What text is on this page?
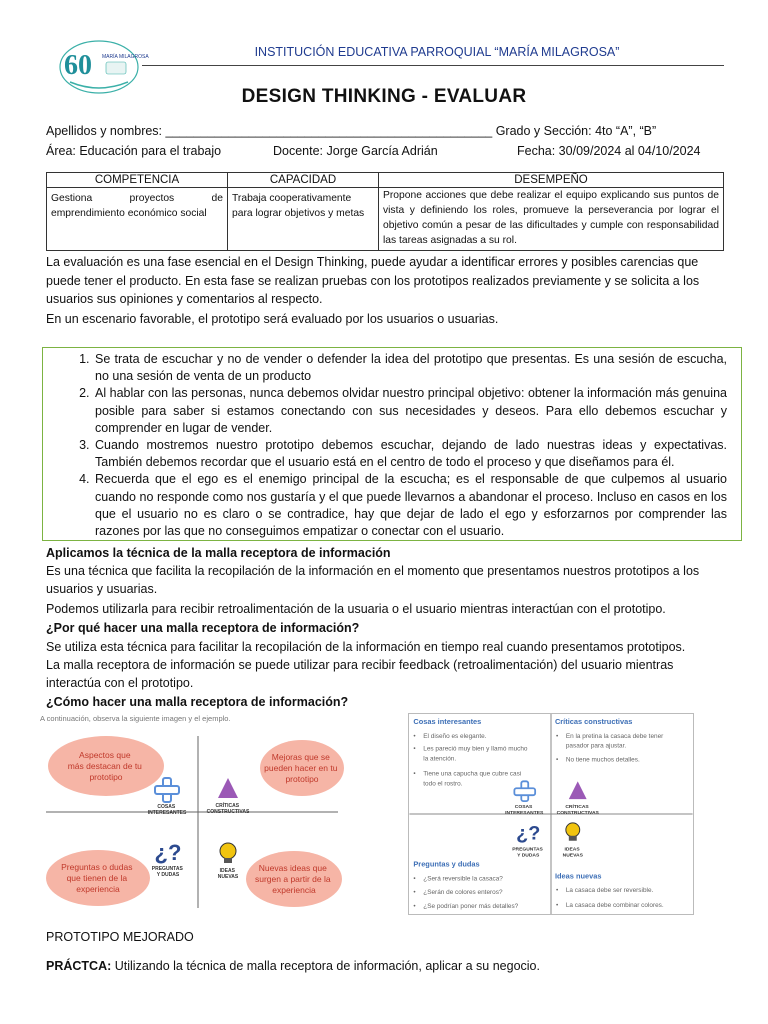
60 MARÍA MILAGROSA	INSTITUCIÓN EDUCATIVA PARROQUIAL “MARÍA MILAGROSA”
DESIGN THINKING - EVALUAR
Apellidos y nombres: _______________________________________________ Grado y Sección: 4to “A”, “B”
Área: Educación para el trabajo	Docente: Jorge García Adrián	Fecha: 30/09/2024 al 04/10/2024
COMPETENCIA	CAPACIDAD	DESEMPEÑO
Gestiona proyectos de emprendimiento económico social	Trabaja cooperativamente para lograr objetivos y metas	Propone acciones que debe realizar el equipo explicando sus puntos de vista y definiendo los roles, promueve la perseverancia por lograr el objetivo común a pesar de las dificultades y cumple con responsabilidad las tareas asignadas a su rol.
La evaluación es una fase esencial en el Design Thinking, puede ayudar a identificar errores y posibles carencias que puede tener el producto. En esta fase se realizan pruebas con los prototipos realizados previamente y se solicita a los usuarios sus opiniones y comentarios al respecto.
En un escenario favorable, el prototipo será evaluado por los usuarios o usuarias.
1. Se trata de escuchar y no de vender o defender la idea del prototipo que presentas. Es una sesión de escucha, no una sesión de venta de un producto
2. Al hablar con las personas, nunca debemos olvidar nuestro principal objetivo: obtener la información más genuina posible para saber si estamos conectando con sus necesidades y deseos. Para ello debemos escuchar y comprender en lugar de vender.
3. Cuando mostremos nuestro prototipo debemos escuchar, dejando de lado nuestras ideas y expectativas. También debemos recordar que el usuario está en el centro de todo el proceso y que diseñamos para él.
4. Recuerda que el ego es el enemigo principal de la escucha; es el responsable de que culpemos al usuario cuando no responde como nos gustaría y el que puede llevarnos a abandonar el proceso. Incluso en casos en los que el usuario no es claro o se contradice, hay que dejar de lado el ego y esforzarnos por comprender las razones por las que no conseguimos empatizar o conectar con el usuario.
Aplicamos la técnica de la malla receptora de información
Es una técnica que facilita la recopilación de la información en el momento que presentamos nuestros prototipos a los usuarios y usuarias.
Podemos utilizarla para recibir retroalimentación de la usuaria o el usuario mientras interactúan con el prototipo.
¿Por qué hacer una malla receptora de información?
Se utiliza esta técnica para facilitar la recopilación de la información en tiempo real cuando presentamos prototipos.
La malla receptora de información se puede utilizar para recibir feedback (retroalimentación) del usuario mientras interactúa con el prototipo.
¿Cómo hacer una malla receptora de información?
A continuación, observa la siguiente imagen y el ejemplo.
Aspectos que más destacan de tu prototipo
Mejoras que se pueden hacer en tu prototipo
Preguntas o dudas que tienen de la experiencia
Nuevas ideas que surgen a partir de la experiencia
COSAS INTERESANTES
CRÍTICAS CONSTRUCTIVAS
¿?
PREGUNTAS Y DUDAS
IDEAS NUEVAS
Cosas interesantes
• El diseño es elegante. • Les pareció muy bien y llamó mucho la atención. • Tiene una capucha que cubre casi todo el rostro.
Críticas constructivas
• En la pretina la casaca debe tener pasador para ajustar. • No tiene muchos detalles.
COSAS INTERESANTES
CRÍTICAS CONSTRUCTIVAS
¿?
PREGUNTAS Y DUDAS
IDEAS NUEVAS
Preguntas y dudas
• ¿Será reversible la casaca? • ¿Serán de colores enteros? • ¿Se podrían poner más detalles?
Ideas nuevas
• La casaca debe ser reversible. • La casaca debe combinar colores.
PROTOTIPO MEJORADO
PRÁCTCA: Utilizando la técnica de malla receptora de información, aplicar a su negocio.
